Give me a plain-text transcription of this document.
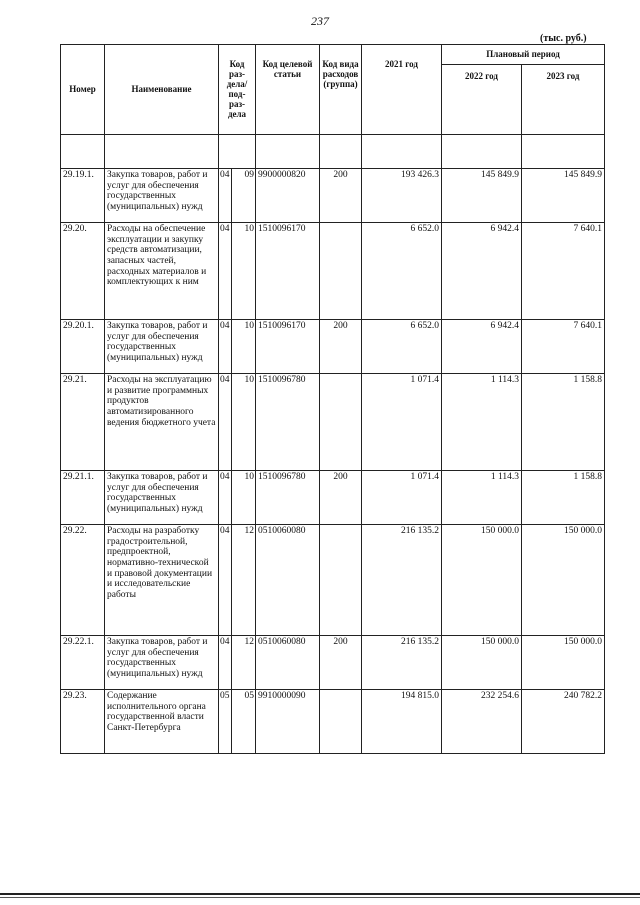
237
(тыс. руб.)
Номер	Наименование	Код раз- дела/ под- раз- дела		Код целевой статьи	Код вида расходов (группа)	2021 год	Плановый период	
							2022 год	2023 год

29.19.1.	Закупка товаров, работ и услуг для обеспечения государственных (муниципальных) нужд	04	09	9900000820	200	193 426.3	145 849.9	145 849.9
29.20.	Расходы на обеспечение эксплуатации и закупку средств автоматизации, запасных частей, расходных материалов и комплектующих к ним	04	10	1510096170		6 652.0	6 942.4	7 640.1
29.20.1.	Закупка товаров, работ и услуг для обеспечения государственных (муниципальных) нужд	04	10	1510096170	200	6 652.0	6 942.4	7 640.1
29.21.	Расходы на эксплуатацию и развитие программных продуктов автоматизированного ведения бюджетного учета	04	10	1510096780		1 071.4	1 114.3	1 158.8
29.21.1.	Закупка товаров, работ и услуг для обеспечения государственных (муниципальных) нужд	04	10	1510096780	200	1 071.4	1 114.3	1 158.8
29.22.	Расходы на разработку градостроительной, предпроектной, нормативно-технической и правовой документации и исследовательские работы	04	12	0510060080		216 135.2	150 000.0	150 000.0
29.22.1.	Закупка товаров, работ и услуг для обеспечения государственных (муниципальных) нужд	04	12	0510060080	200	216 135.2	150 000.0	150 000.0
29.23.	Содержание исполнительного органа государственной власти Санкт-Петербурга	05	05	9910000090		194 815.0	232 254.6	240 782.2
